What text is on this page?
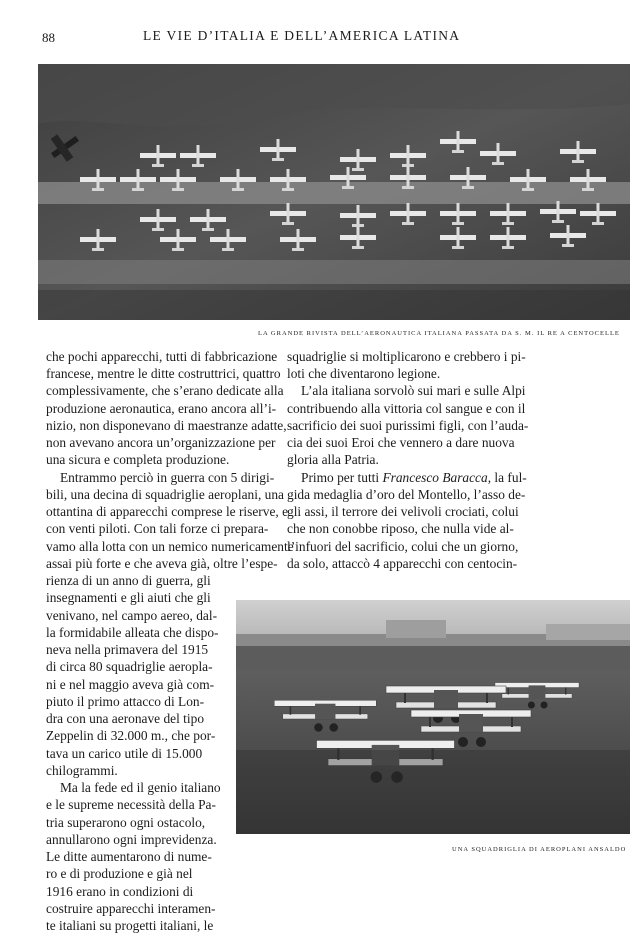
88	LE VIE D’ITALIA E DELL’AMERICA LATINA
LA GRANDE RIVISTA DELL’AERONAUTICA ITALIANA PASSATA DA S. M. IL RE A CENTOCELLE
che pochi apparecchi, tutti di fabbricazione
francese, mentre le ditte costruttrici, quattro
complessivamente, che s’erano dedicate alla
produzione aeronautica, erano ancora all’i-
nizio, non disponevano di maestranze adatte,
non avevano ancora un’organizzazione per
una sicura e completa produzione.
Entrammo perciò in guerra con 5 dirigi-
bili, una decina di squadriglie aeroplani, una
ottantina di apparecchi comprese le riserve, e
con venti piloti. Con tali forze ci prepara-
vamo alla lotta con un nemico numericamente
assai più forte e che aveva già, oltre l’espe-
rienza di un anno di guerra, gli
insegnamenti e gli aiuti che gli
venivano, nel campo aereo, dal-
la formidabile alleata che dispo-
neva nella primavera del 1915
di circa 80 squadriglie aeropla-
ni e nel maggio aveva già com-
piuto il primo attacco di Lon-
dra con una aeronave del tipo
Zeppelin di 32.000 m., che por-
tava un carico utile di 15.000
chilogrammi.
Ma la fede ed il genio italiano
e le supreme necessità della Pa-
tria superarono ogni ostacolo,
annullarono ogni imprevidenza.
Le ditte aumentarono di nume-
ro e di produzione e già nel
1916 erano in condizioni di
costruire apparecchi interamen-
te italiani su progetti italiani, le
squadriglie si moltiplicarono e crebbero i pi-
loti che diventarono legione.
L’ala italiana sorvolò sui mari e sulle Alpi
contribuendo alla vittoria col sangue e con il
sacrificio dei suoi purissimi figli, con l’auda-
cia dei suoi Eroi che vennero a dare nuova
gloria alla Patria.
Primo per tutti Francesco Baracca, la ful-
gida medaglia d’oro del Montello, l’asso de-
gli assi, il terrore dei velivoli crociati, colui
che non conobbe riposo, che nulla vide al-
l’infuori del sacrificio, colui che un giorno,
da solo, attaccò 4 apparecchi con centocin-
UNA SQUADRIGLIA DI AEROPLANI ANSALDO
